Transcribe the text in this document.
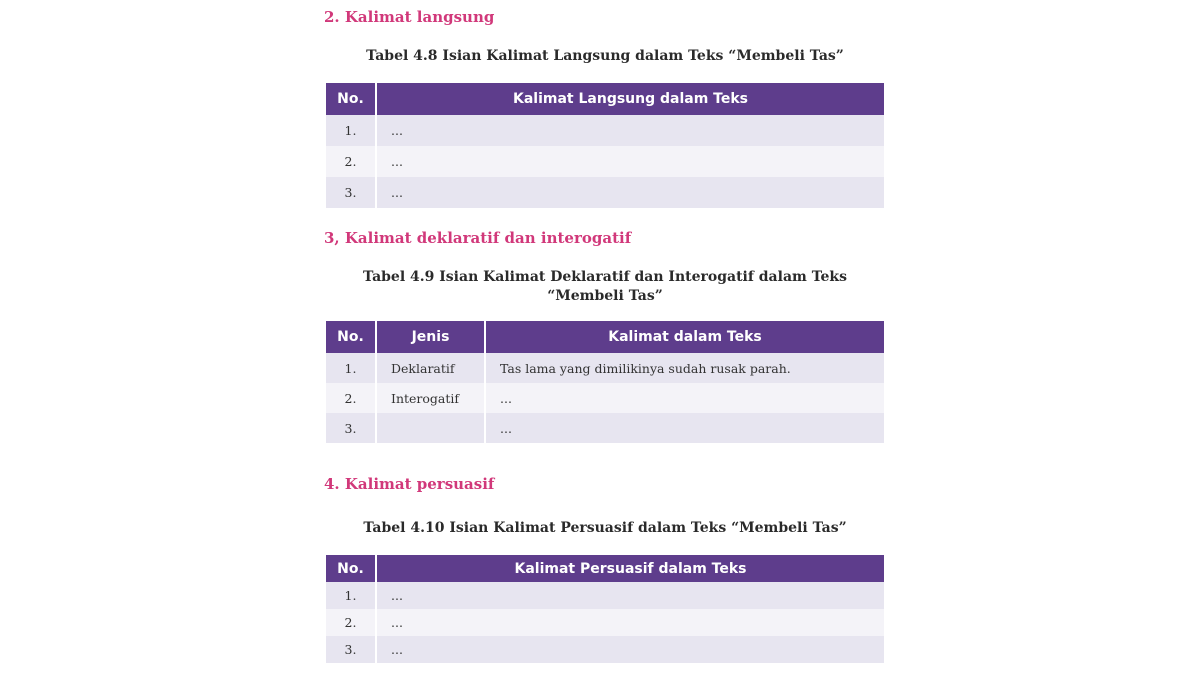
2. Kalimat langsung

Tabel 4.8 Isian Kalimat Langsung dalam Teks “Membeli Tas”

No.	Kalimat Langsung dalam Teks
1.	...
2.	...
3.	...
3, Kalimat deklaratif dan interogatif

Tabel 4.9 Isian Kalimat Deklaratif dan Interogatif dalam Teks
“Membeli Tas”

No.	Jenis	Kalimat dalam Teks
1.	Deklaratif	Tas lama yang dimilikinya sudah rusak parah.
2.	Interogatif	...
3.		...
4. Kalimat persuasif

Tabel 4.10 Isian Kalimat Persuasif dalam Teks “Membeli Tas”

No.	Kalimat Persuasif dalam Teks
1.	...
2.	...
3.	...
